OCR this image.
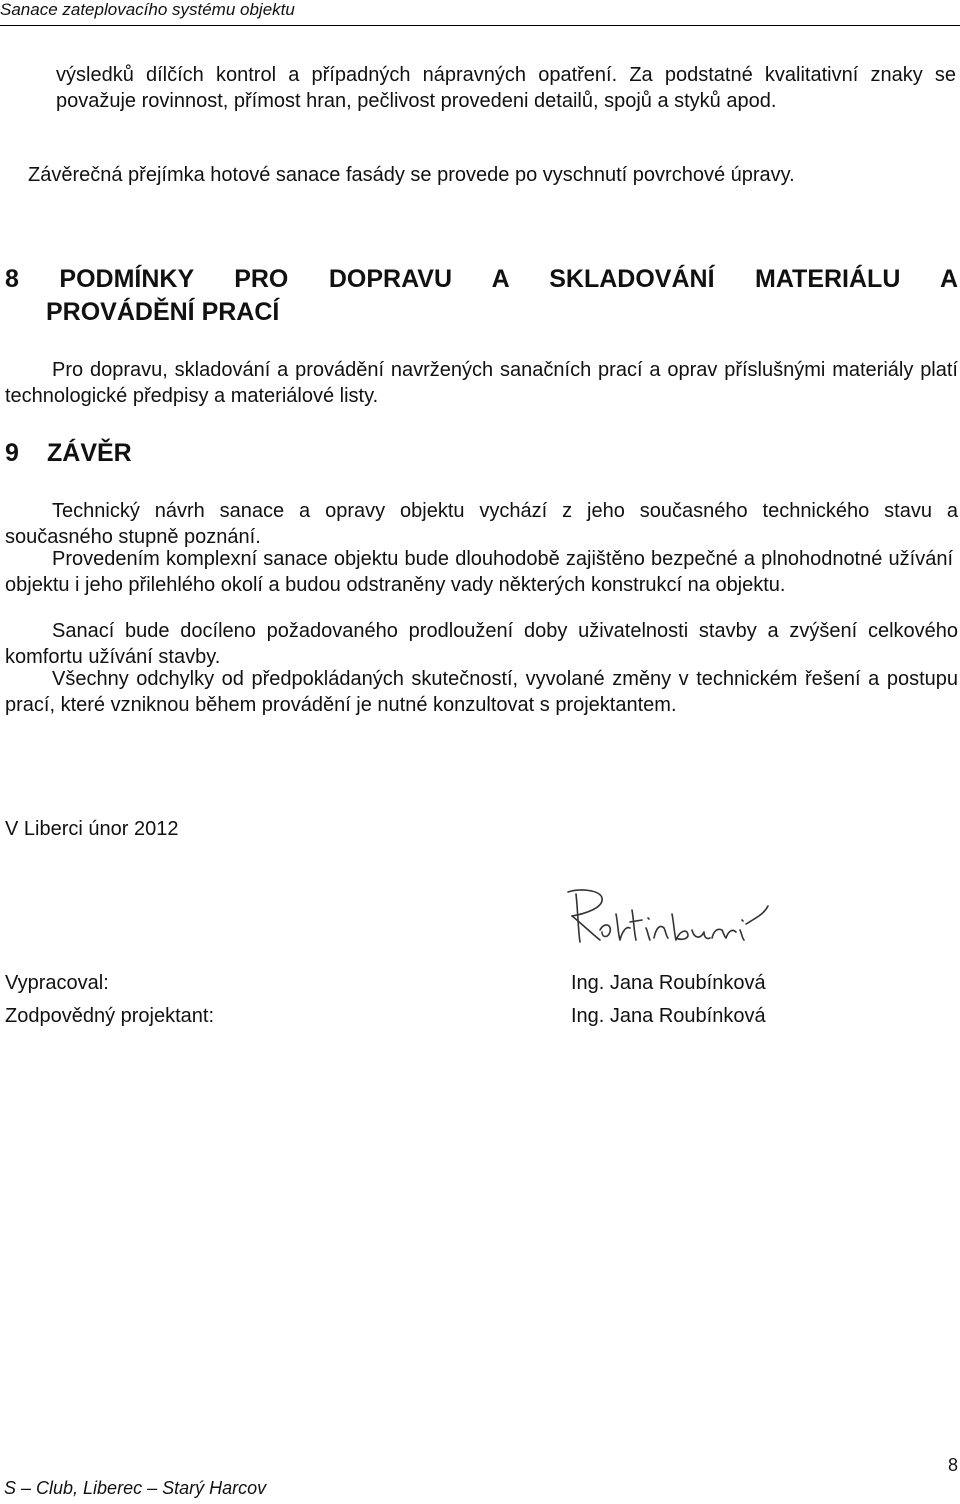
Sanace zateplovacího systému objektu

výsledků dílčích kontrol a případných nápravných opatření. Za podstatné kvalitativní znaky se považuje rovinnost, přímost hran, pečlivost provedeni detailů, spojů a styků apod.

Závěrečná přejímka hotové sanace fasády se provede po vyschnutí povrchové úpravy.

8 PODMÍNKY PRO DOPRAVU A SKLADOVÁNÍ MATERIÁLU A
PROVÁDĚNÍ PRACÍ

Pro dopravu, skladování a provádění navržených sanačních prací a oprav příslušnými materiály platí technologické předpisy a materiálové listy.

9 ZÁVĚR

Technický návrh sanace a opravy objektu vychází z jeho současného technického stavu a současného stupně poznání.

Provedením komplexní sanace objektu bude dlouhodobě zajištěno bezpečné a plnohodnotné užívání objektu i jeho přilehlého okolí a budou odstraněny vady některých konstrukcí na objektu.

Sanací bude docíleno požadovaného prodloužení doby uživatelnosti stavby a zvýšení celkového komfortu užívání stavby.

Všechny odchylky od předpokládaných skutečností, vyvolané změny v technickém řešení a postupu prací, které vzniknou během provádění je nutné konzultovat s projektantem.

V Liberci únor 2012
Vypracoval:	Ing. Jana Roubínková
Zodpovědný projektant:	Ing. Jana Roubínková
S – Club, Liberec – Starý Harcov
8
